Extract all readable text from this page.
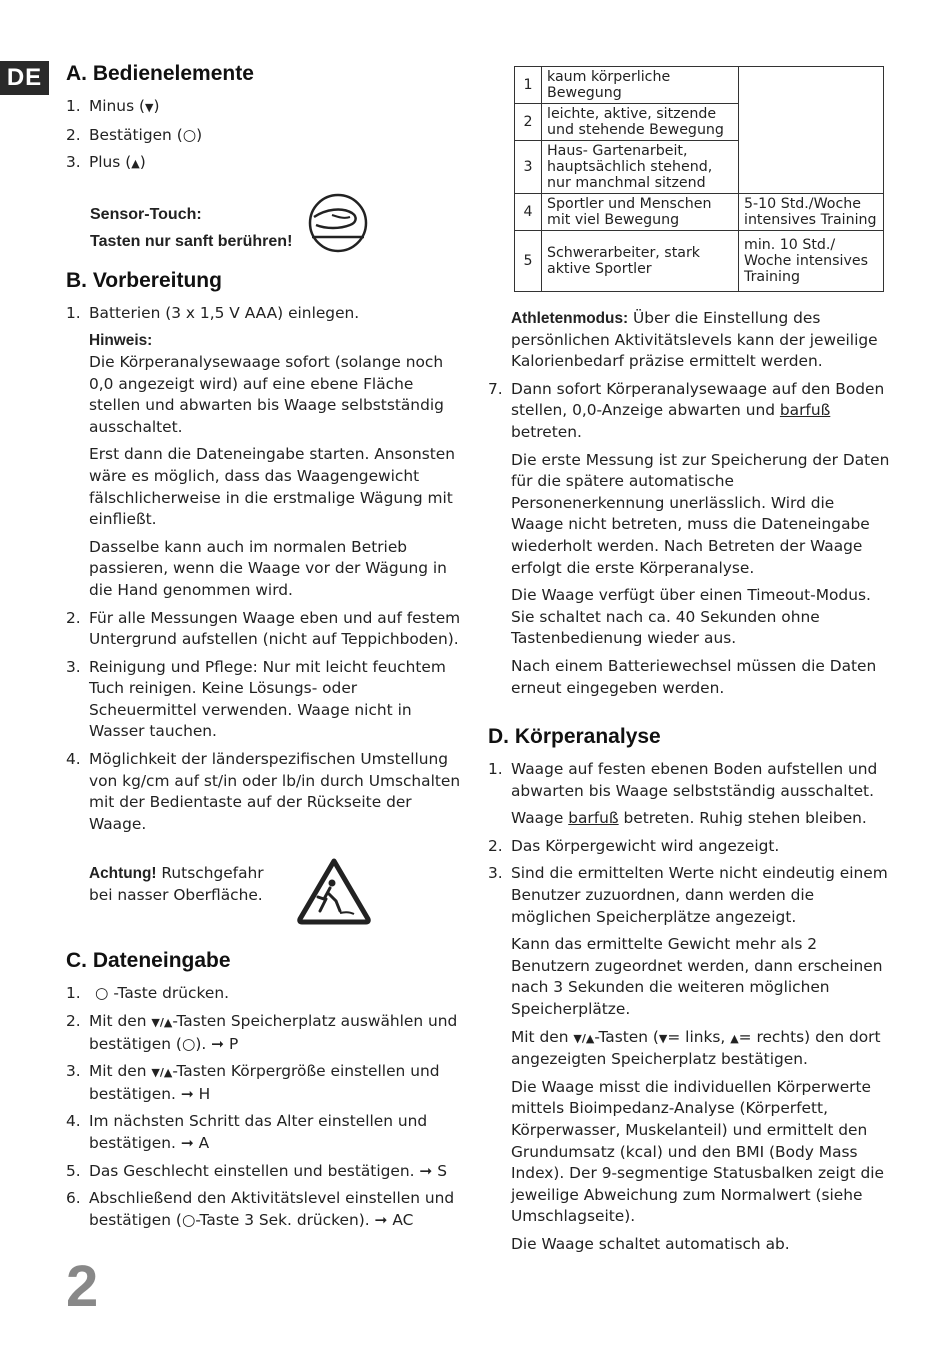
DE	A. Bedienelemente
1. Minus (▼)
2. Bestätigen (○)
3. Plus (▲)
Sensor-Touch:
Tasten nur sanft berühren!
B. Vorbereitung
1. Batterien (3 x 1,5 V AAA) einlegen.
Hinweis:

Die Körperanalysewaage sofort (solange noch 0,0 angezeigt wird) auf eine ebene Fläche stellen und abwarten bis Waage selbstständig ausschaltet.

Erst dann die Dateneingabe starten. Ansonsten wäre es möglich, dass das Waagengewicht fälschlicherweise in die erstmalige Wägung mit einfließt.

Dasselbe kann auch im normalen Betrieb passieren, wenn die Waage vor der Wägung in die Hand genommen wird.

2. Für alle Messungen Waage eben und auf festem Untergrund aufstellen (nicht auf Teppichboden).
3. Reinigung und Pflege: Nur mit leicht feuchtem Tuch reinigen. Keine Lösungs- oder Scheuermittel verwenden. Waage nicht in Wasser tauchen.
4. Möglichkeit der länderspezifischen Umstellung von kg/cm auf st/in oder lb/in durch Umschalten mit der Bedientaste auf der Rückseite der Waage.
Achtung! Rutschgefahr
bei nasser Oberfläche.
C. Dateneingabe
1. ○ -Taste drücken.
2. Mit den ▼/▲-Tasten Speicherplatz auswählen und bestätigen (○). ➞ P
3. Mit den ▼/▲-Tasten Körpergröße einstellen und bestätigen. ➞ H
4. Im nächsten Schritt das Alter einstellen und bestätigen. ➞ A
5. Das Geschlecht einstellen und bestätigen. ➞ S
6. Abschließend den Aktivitätslevel einstellen und bestätigen (○-Taste 3 Sek. drücken). ➞ AC
1	kaum körperliche Bewegung	
2	leichte, aktive, sitzende und stehende Bewegung	
3	Haus- Gartenarbeit, hauptsächlich stehend, nur manchmal sitzend	
4	Sportler und Menschen mit viel Bewegung	5-10 Std./Woche intensives Training
5	Schwerarbeiter, stark aktive Sportler	min. 10 Std./ Woche intensives Training

Athletenmodus: Über die Einstellung des persönlichen Aktivitätslevels kann der jeweilige Kalorienbedarf präzise ermittelt werden.

7. Dann sofort Körperanalysewaage auf den Boden stellen, 0,0-Anzeige abwarten und barfuß betreten.

Die erste Messung ist zur Speicherung der Daten für die spätere automatische Personenerkennung unerlässlich. Wird die Waage nicht betreten, muss die Dateneingabe wiederholt werden. Nach Betreten der Waage erfolgt die erste Körperanalyse.

Die Waage verfügt über einen Timeout-Modus. Sie schaltet nach ca. 40 Sekunden ohne Tastenbedienung wieder aus.

Nach einem Batteriewechsel müssen die Daten erneut eingegeben werden.

D. Körperanalyse
1. Waage auf festen ebenen Boden aufstellen und abwarten bis Waage selbstständig ausschaltet.

Waage barfuß betreten. Ruhig stehen bleiben.

2. Das Körpergewicht wird angezeigt.
3. Sind die ermittelten Werte nicht eindeutig einem Benutzer zuzuordnen, dann werden die möglichen Speicherplätze angezeigt.

Kann das ermittelte Gewicht mehr als 2 Benutzern zugeordnet werden, dann erscheinen nach 3 Sekunden die weiteren möglichen Speicherplätze.

Mit den ▼/▲-Tasten (▼= links, ▲= rechts) den dort angezeigten Speicherplatz bestätigen.

Die Waage misst die individuellen Körperwerte mittels Bioimpedanz-Analyse (Körperfett, Körperwasser, Muskelanteil) und ermittelt den Grundumsatz (kcal) und den BMI (Body Mass Index). Der 9-segmentige Statusbalken zeigt die jeweilige Abweichung zum Normalwert (siehe Umschlagseite).

Die Waage schaltet automatisch ab.

2
